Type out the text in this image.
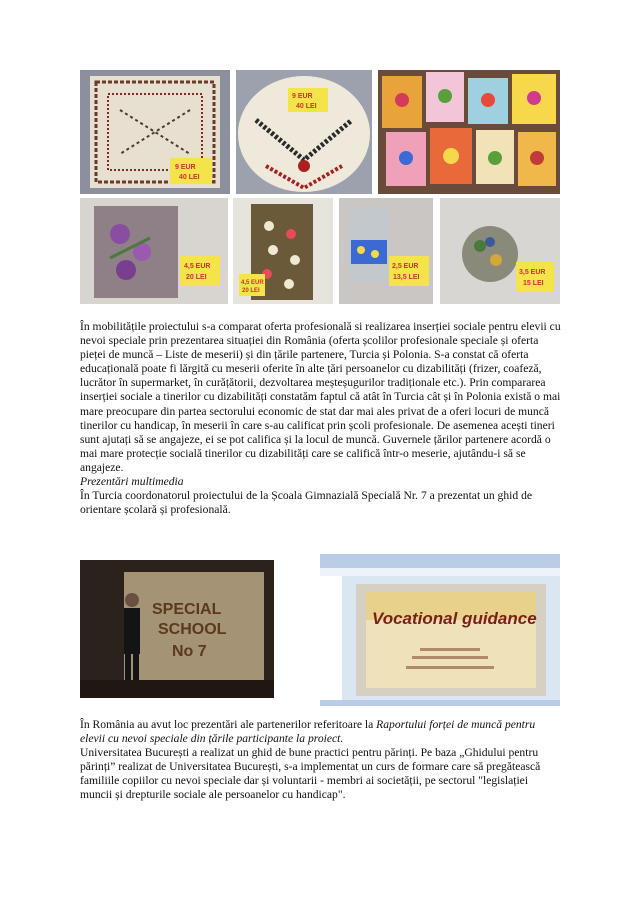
9 EUR
40 LEI
9 EUR
40 LEI
4,5 EUR
20 LEI
4,5 EUR
20 LEI
2,5 EUR
13,5 LEI
3,5 EUR
15 LEI

În mobilitățile proiectului s-a comparat oferta profesională si realizarea inserției sociale pentru elevii cu nevoi speciale prin prezentarea situației din România (oferta școlilor profesionale speciale și oferta pieței de muncă – Liste de meserii) și din țările partenere, Turcia și Polonia. S-a constat că oferta educațională poate fi lărgită cu meserii oferite în alte țări persoanelor cu dizabilități (frizer, coafeză, lucrător în supermarket, în curățătorii, dezvoltarea meșteșugurilor tradiționale etc.). Prin compararea inserției sociale a tinerilor cu dizabilități constatăm faptul că atât în Turcia cât și în Polonia există o mai mare preocupare din partea sectorului economic de stat dar mai ales privat de a oferi locuri de muncă tinerilor cu handicap, în meserii în care s-au calificat prin școli profesionale. De asemenea acești tineri sunt ajutați să se angajeze, ei se pot califica și la locul de muncă. Guvernele țărilor partenere acordă o mai mare protecție socială tinerilor cu dizabilități care se califică într-o meserie, ajutându-i să se angajeze.

Prezentări multimedia

În Turcia coordonatorul proiectului de la Școala Gimnazială Specială Nr. 7 a prezentat un ghid de orientare școlară și profesională.

SPECIAL
SCHOOL
No 7
Vocational guidance

În România au avut loc prezentări ale partenerilor referitoare la Raportului forței de muncă pentru elevii cu nevoi speciale din țările participante la proiect.

Universitatea București a realizat un ghid de bune practici pentru părinți. Pe baza „Ghidului pentru părinți” realizat de Universitatea București, s-a implementat un curs de formare care să pregătească familiile copiilor cu nevoi speciale dar și voluntarii - membri ai societății, pe sectorul "legislației muncii și drepturile sociale ale persoanelor cu handicap".
